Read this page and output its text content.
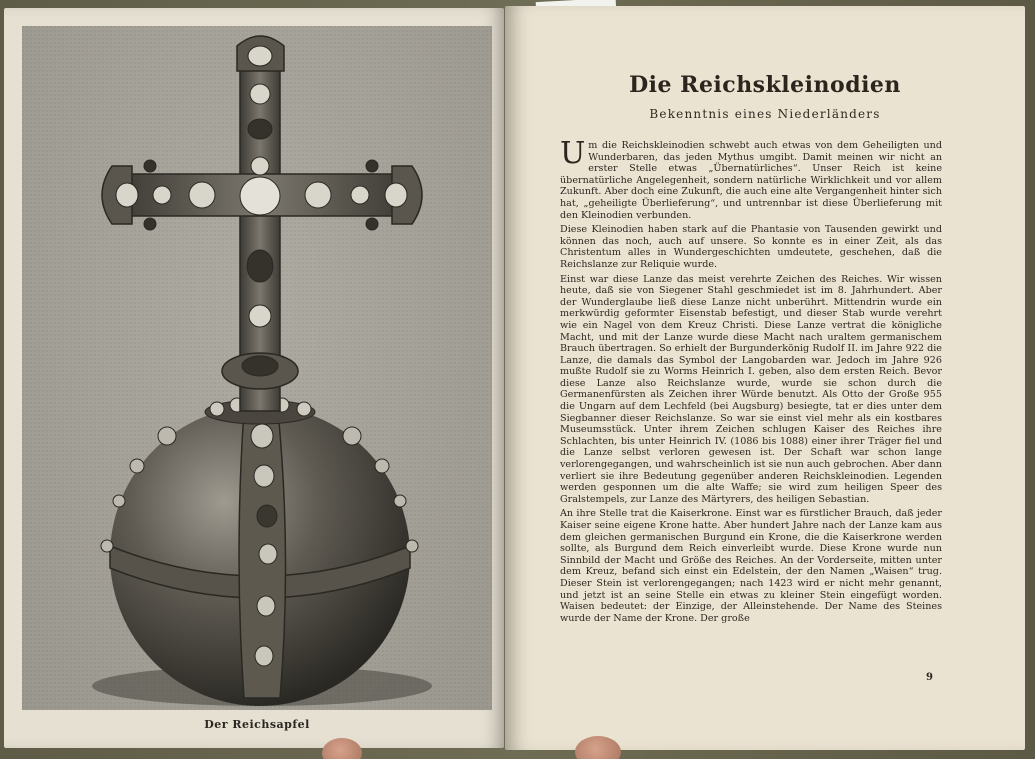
Der Reichsapfel
Die Reichskleinodien
Bekenntnis eines Niederländers

Um die Reichskleinodien schwebt auch etwas von dem Geheiligten und Wunderbaren, das jeden Mythus umgibt. Damit meinen wir nicht an erster Stelle etwas „Übernatürliches“. Unser Reich ist keine übernatürliche Angelegenheit, sondern natürliche Wirklichkeit und vor allem Zukunft. Aber doch eine Zukunft, die auch eine alte Vergangenheit hinter sich hat, „geheiligte Überlieferung“, und untrennbar ist diese Überlieferung mit den Kleinodien verbunden.

Diese Kleinodien haben stark auf die Phantasie von Tausenden gewirkt und können das noch, auch auf unsere. So konnte es in einer Zeit, als das Christentum alles in Wundergeschichten umdeutete, geschehen, daß die Reichslanze zur Reliquie wurde.

Einst war diese Lanze das meist verehrte Zeichen des Reiches. Wir wissen heute, daß sie von Siegener Stahl geschmiedet ist im 8. Jahrhundert. Aber der Wunderglaube ließ diese Lanze nicht unberührt. Mittendrin wurde ein merkwürdig geformter Eisenstab befestigt, und dieser Stab wurde verehrt wie ein Nagel von dem Kreuz Christi. Diese Lanze vertrat die königliche Macht, und mit der Lanze wurde diese Macht nach uraltem germanischem Brauch übertragen. So erhielt der Burgunderkönig Rudolf II. im Jahre 922 die Lanze, die damals das Symbol der Langobarden war. Jedoch im Jahre 926 mußte Rudolf sie zu Worms Heinrich I. geben, also dem ersten Reich. Bevor diese Lanze also Reichslanze wurde, wurde sie schon durch die Germanenfürsten als Zeichen ihrer Würde benutzt. Als Otto der Große 955 die Ungarn auf dem Lechfeld (bei Augsburg) besiegte, tat er dies unter dem Siegbanner dieser Reichslanze. So war sie einst viel mehr als ein kostbares Museumsstück. Unter ihrem Zeichen schlugen Kaiser des Reiches ihre Schlachten, bis unter Heinrich IV. (1086 bis 1088) einer ihrer Träger fiel und die Lanze selbst verloren gewesen ist. Der Schaft war schon lange verlorengegangen, und wahrscheinlich ist sie nun auch gebrochen. Aber dann verliert sie ihre Bedeutung gegenüber anderen Reichskleinodien. Legenden werden gesponnen um die alte Waffe; sie wird zum heiligen Speer des Gralstempels, zur Lanze des Märtyrers, des heiligen Sebastian.

An ihre Stelle trat die Kaiserkrone. Einst war es fürstlicher Brauch, daß jeder Kaiser seine eigene Krone hatte. Aber hundert Jahre nach der Lanze kam aus dem gleichen germanischen Burgund ein Krone, die die Kaiserkrone werden sollte, als Burgund dem Reich einverleibt wurde. Diese Krone wurde nun Sinnbild der Macht und Größe des Reiches. An der Vorderseite, mitten unter dem Kreuz, befand sich einst ein Edelstein, der den Namen „Waisen“ trug. Dieser Stein ist verlorengegangen; nach 1423 wird er nicht mehr genannt, und jetzt ist an seine Stelle ein etwas zu kleiner Stein eingefügt worden. Waisen bedeutet: der Einzige, der Alleinstehende. Der Name des Steines wurde der Name der Krone. Der große

9
